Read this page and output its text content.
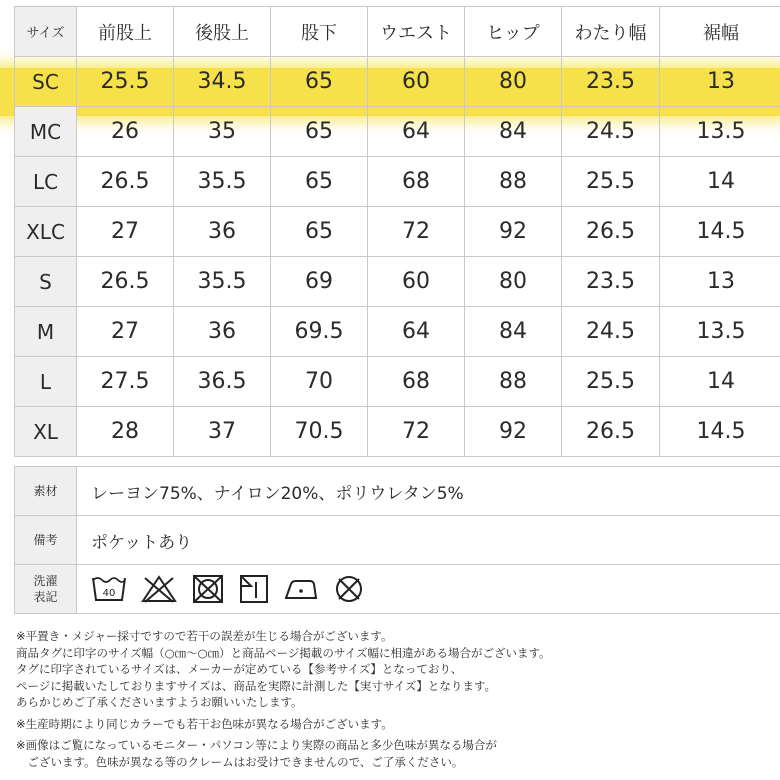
サイズ	前股上	後股上	股下	ウエスト	ヒップ	わたり幅	裾幅
SC	25.5	34.5	65	60	80	23.5	13
MC	26	35	65	64	84	24.5	13.5
LC	26.5	35.5	65	68	88	25.5	14
XLC	27	36	65	72	92	26.5	14.5
S	26.5	35.5	69	60	80	23.5	13
M	27	36	69.5	64	84	24.5	13.5
L	27.5	36.5	70	68	88	25.5	14
XL	28	37	70.5	72	92	26.5	14.5
素材	レーヨン75%、ナイロン20%、ポリウレタン5%
備考	ポケットあり
洗濯
表記	40

※平置き・メジャー採寸ですので若干の誤差が生じる場合がございます。

商品タグに印字のサイズ幅（○㎝〜○㎝）と商品ページ掲載のサイズ幅に相違がある場合がございます。

タグに印字されているサイズは、メーカーが定めている【参考サイズ】となっており、

ページに掲載いたしておりますサイズは、商品を実際に計測した【実寸サイズ】となります。

あらかじめご了承くださいますようお願いいたします。

※生産時期により同じカラーでも若干お色味が異なる場合がございます。

※画像はご覧になっているモニター・パソコン等により実際の商品と多少色味が異なる場合が

　ございます。色味が異なる等のクレームはお受けできませんので、ご了承ください。
